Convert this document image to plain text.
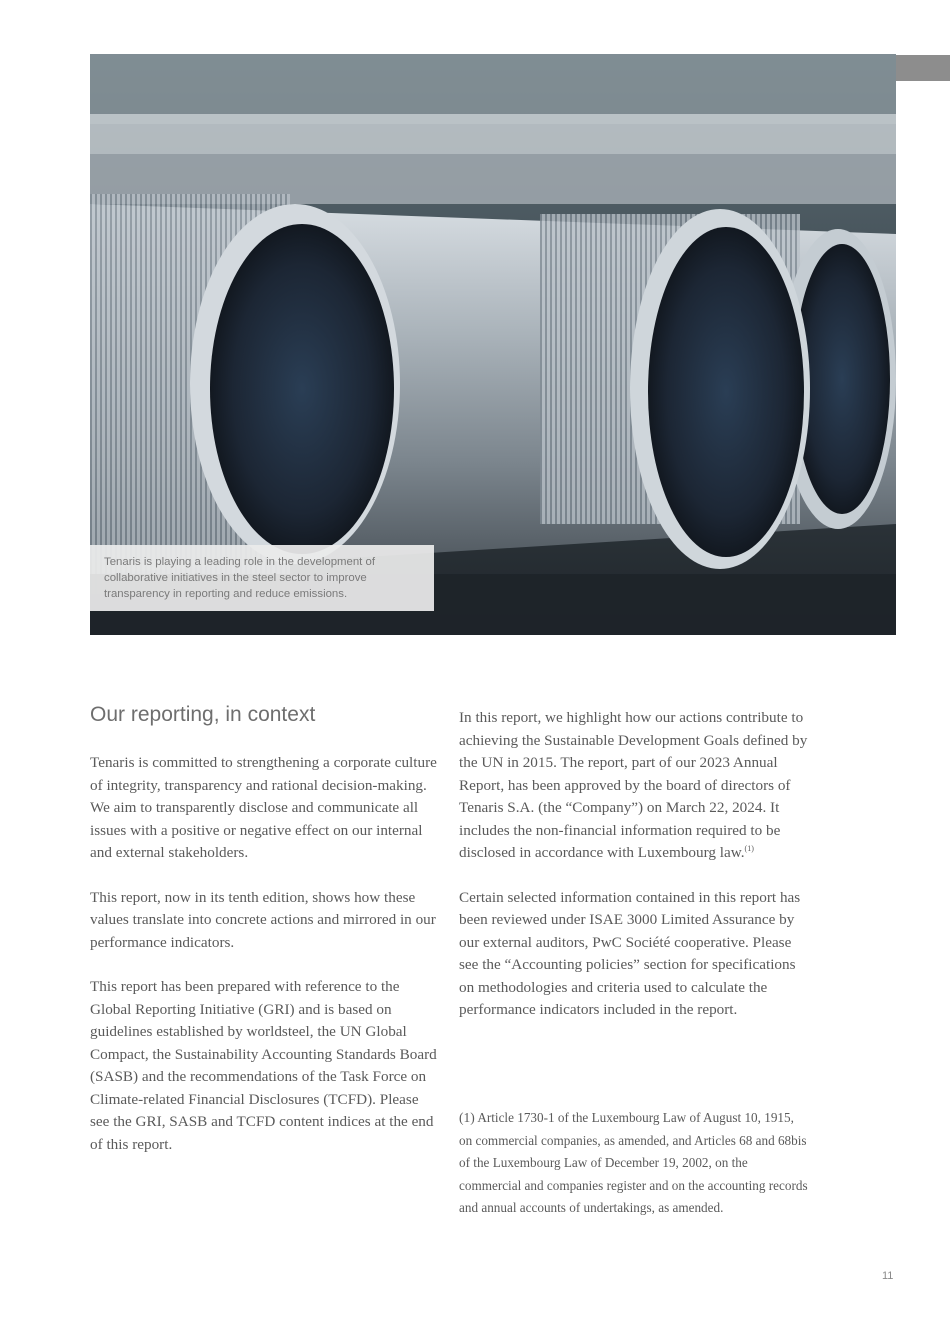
Tenaris is playing a leading role in the development of collaborative initiatives in the steel sector to improve transparency in reporting and reduce emissions.
Our reporting, in context

Tenaris is committed to strengthening a corporate culture of integrity, transparency and rational decision-making. We aim to transparently disclose and communicate all issues with a positive or negative effect on our internal and external stakeholders.

This report, now in its tenth edition, shows how these values translate into concrete actions and mirrored in our performance indicators.

This report has been prepared with reference to the Global Reporting Initiative (GRI) and is based on guidelines established by worldsteel, the UN Global Compact, the Sustainability Accounting Standards Board (SASB) and the recommendations of the Task Force on Climate-related Financial Disclosures (TCFD). Please see the GRI, SASB and TCFD content indices at the end of this report.

In this report, we highlight how our actions contribute to achieving the Sustainable Development Goals defined by the UN in 2015. The report, part of our 2023 Annual Report, has been approved by the board of directors of Tenaris S.A. (the “Company”) on March 22, 2024. It includes the non-financial information required to be disclosed in accordance with Luxembourg law.$^{(1)}$

Certain selected information contained in this report has been reviewed under ISAE 3000 Limited Assurance by our external auditors, PwC Société cooperative. Please see the “Accounting policies” section for specifications on methodologies and criteria used to calculate the performance indicators included in the report.

(1) Article 1730-1 of the Luxembourg Law of August 10, 1915, on commercial companies, as amended, and Articles 68 and 68bis of the Luxembourg Law of December 19, 2002, on the commercial and companies register and on the accounting records and annual accounts of undertakings, as amended.
11
